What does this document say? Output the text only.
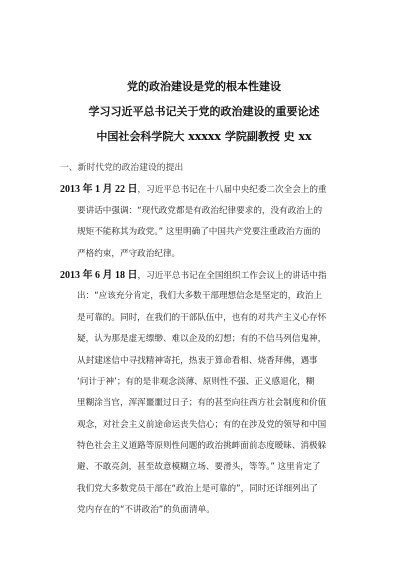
党的政治建设是党的根本性建设
学习习近平总书记关于党的政治建设的重要论述
中国社会科学院大 xxxxx 学院副教授 史 xx
一、新时代党的政治建设的提出
2013 年 1 月 22 日，习近平总书记在十八届中央纪委二次全会上的重
要讲话中强调：“现代政党都是有政治纪律要求的，没有政治上的
规矩不能称其为政党。” 这里明确了中国共产党要注重政治方面的
严格约束，严守政治纪律。
2013 年 6 月 18 日，习近平总书记在全国组织工作会议上的讲话中指
出：“应该充分肯定，我们大多数干部理想信念是坚定的，政治上
是可靠的。同时，在我们的干部队伍中，也有的对共产主义心存怀
疑，认为那是虚无缥缈、难以企及的幻想；有的不信马列信鬼神，
从封建迷信中寻找精神寄托，热衷于算命看相、烧香拜佛，遇事
‘问计于神’；有的是非观念淡薄、原则性不强、正义感退化，糊
里糊涂当官，浑浑噩噩过日子；有的甚至向往西方社会制度和价值
观念，对社会主义前途命运丧失信心；有的在涉及党的领导和中国
特色社会主义道路等原则性问题的政治挑衅面前态度暧昧、消极躲
避、不敢亮剑，甚至故意模糊立场、要滑头，等等。” 这里肯定了
我们党大多数党员干部在“政治上是可靠的”，同时还详细列出了
党内存在的“不讲政治”的负面清单。
